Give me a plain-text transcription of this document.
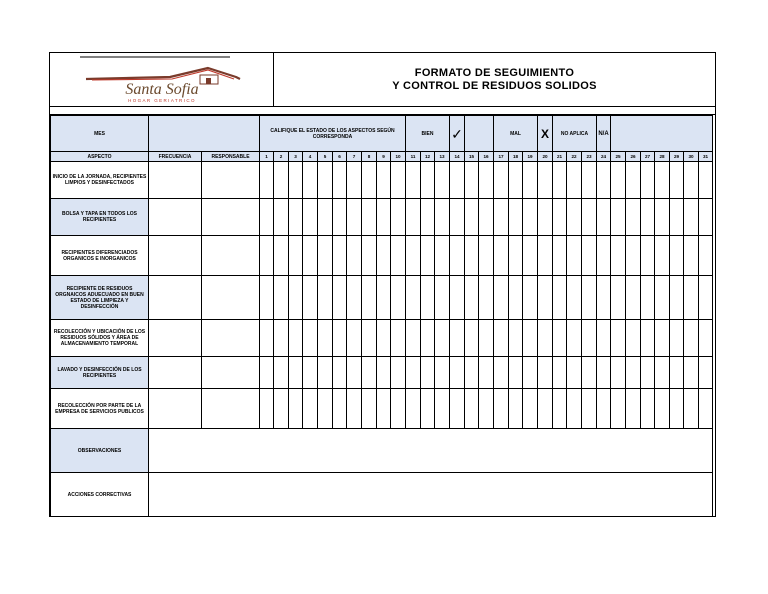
Santa Sofia
HOGAR GERIATRICO
FORMATO DE SEGUIMIENTO
Y CONTROL DE RESIDUOS SOLIDOS
MES			CALIFIQUE EL ESTADO DE LOS ASPECTOS SEGÚN CORRESPONDA										BIEN			✓			MAL			X	NO APLICA			N/A							
ASPECTO	FRECUENCIA	RESPONSABLE	1	2	3	4	5	6	7	8	9	10	11	12	13	14	15	16	17	18	19	20	21	22	23	24	25	26	27	28	29	30	31
INICIO DE LA JORNADA, RECIPIENTES LIMPIOS Y DESINFECTADOS																																	
BOLSA Y TAPA EN TODOS LOS RECIPIENTES																																	
RECIPIENTES DIFERENCIADOS ORGANICOS E INORGANICOS																																	
RECIPIENTE DE RESIDUOS ORGNAICOS ADUECUADO EN BUEN ESTADO DE LIMPIEZA Y DESINFECCIÓN																																	
RECOLECCIÓN Y UBICACIÓN DE LOS RESIDUOS SÓLIDOS Y ÁREA DE ALMACENAMIENTO TEMPORAL																																	
LAVADO Y DESINFECCIÓN DE LOS RECIPIENTES																																	
RECOLECCIÓN POR PARTE DE LA EMPRESA DE SERVICIOS PUBLICOS																																	
OBSERVACIONES																																	
ACCIONES CORRECTIVAS																																	
